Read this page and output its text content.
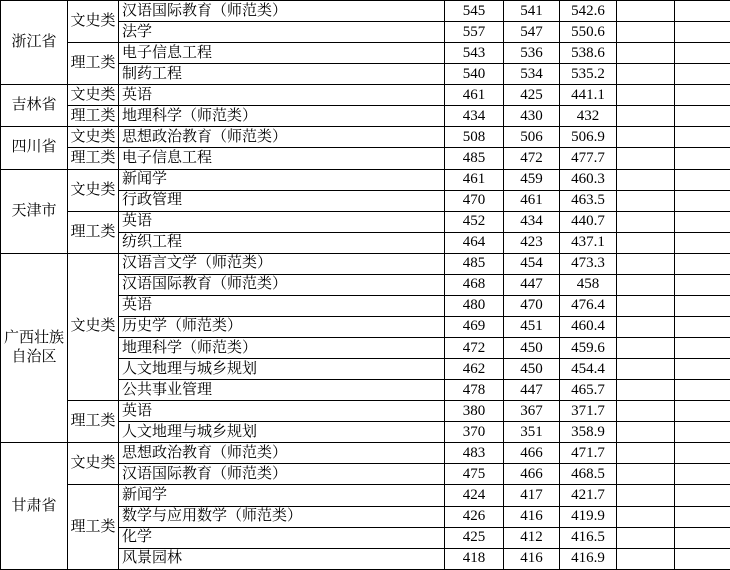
浙江省	文史类	汉语国际教育（师范类）	545	541	542.6		
		法学	557	547	550.6		
	理工类	电子信息工程	543	536	538.6		
		制药工程	540	534	535.2		
吉林省	文史类	英语	461	425	441.1		
	理工类	地理科学（师范类）	434	430	432		
四川省	文史类	思想政治教育（师范类）	508	506	506.9		
	理工类	电子信息工程	485	472	477.7		
天津市	文史类	新闻学	461	459	460.3		
		行政管理	470	461	463.5		
	理工类	英语	452	434	440.7		
		纺织工程	464	423	437.1		
广西壮族自治区	文史类	汉语言文学（师范类）	485	454	473.3		
		汉语国际教育（师范类）	468	447	458		
		英语	480	470	476.4		
		历史学（师范类）	469	451	460.4		
		地理科学（师范类）	472	450	459.6		
		人文地理与城乡规划	462	450	454.4		
		公共事业管理	478	447	465.7		
	理工类	英语	380	367	371.7		
		人文地理与城乡规划	370	351	358.9		
甘肃省	文史类	思想政治教育（师范类）	483	466	471.7		
		汉语国际教育（师范类）	475	466	468.5		
	理工类	新闻学	424	417	421.7		
		数学与应用数学（师范类）	426	416	419.9		
		化学	425	412	416.5		
		风景园林	418	416	416.9		
